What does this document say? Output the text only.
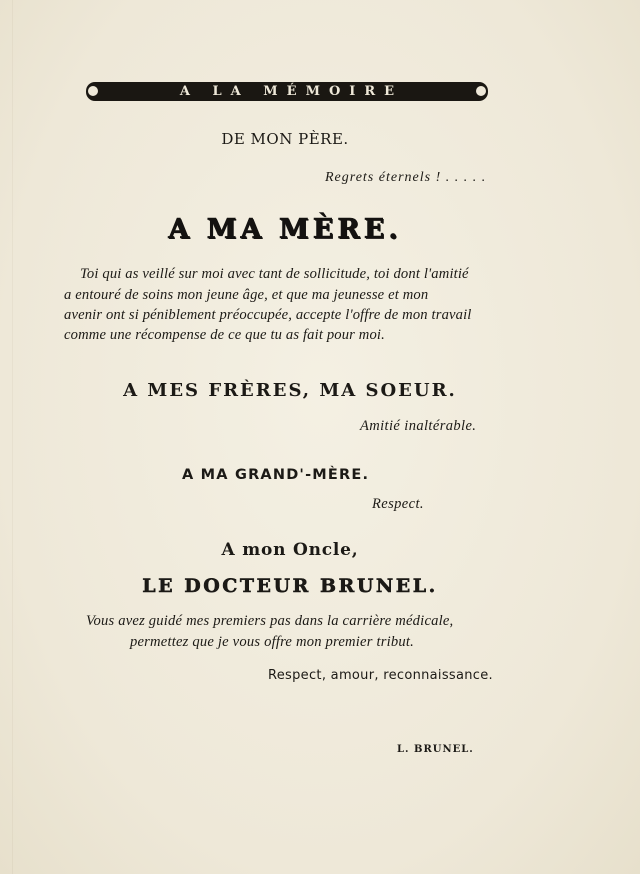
A LA MÉMOIRE
DE MON PÈRE.
Regrets éternels ! . . . . .
A MA MÈRE.
Toi qui as veillé sur moi avec tant de sollicitude, toi dont l'amitié
a entouré de soins mon jeune âge, et que ma jeunesse et mon
avenir ont si péniblement préoccupée, accepte l'offre de mon travail
comme une récompense de ce que tu as fait pour moi.
A MES FRÈRES, MA SOEUR.
Amitié inaltérable.
A MA GRAND'-MÈRE.
Respect.
A mon Oncle,
LE DOCTEUR BRUNEL.
Vous avez guidé mes premiers pas dans la carrière médicale,
permettez que je vous offre mon premier tribut.
Respect, amour, reconnaissance.
L. BRUNEL.
